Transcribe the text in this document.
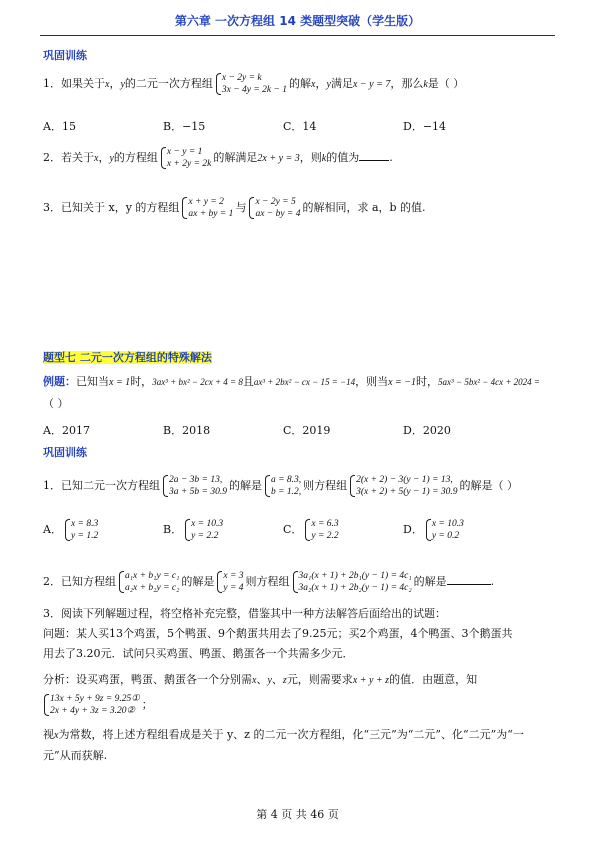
第六章 一次方程组 14 类题型突破（学生版）
巩固训练
1．如果关于x，y的二元一次方程组 x − 2y = k
3x − 4y = 2k − 1 的解x，y满足x − y = 7，那么k是（ ）
A．15	B．−15	C．14	D．−14
2．若关于x，y的方程组 x − y = 1
x + 2y = 2k 的解满足2x + y = 3，则k的值为	.
3．已知关于 x，y 的方程组 x + y = 2
ax + by = 1 与 x − 2y = 5
ax − by = 4 的解相同，求 a，b 的值.
题型七 二元一次方程组的特殊解法
例题：已知当x = 1时，3ax³ + bx² − 2cx + 4 = 8且ax³ + 2bx² − cx − 15 = −14，则当x = −1时，5ax³ − 5bx² − 4cx + 2024 =
（ ）
A．2017	B．2018	C．2019	D．2020
巩固训练
1．已知二元一次方程组 2a − 3b = 13,
3a + 5b = 30.9 的解是 a = 8.3,
b = 1.2, 则方程组 2(x + 2) − 3(y − 1) = 13,
3(x + 2) + 5(y − 1) = 30.9 的解是（ ）
A． x = 8.3
y = 1.2	B． x = 10.3
y = 2.2	C． x = 6.3
y = 2.2	D． x = 10.3
y = 0.2
2．已知方程组 a₁x + b₁y = c₁
a₂x + b₂y = c₂ 的解是 x = 3
y = 4 则方程组 3a₁(x + 1) + 2b₁(y − 1) = 4c₁
3a₂(x + 1) + 2b₂(y − 1) = 4c₂ 的解是	.
3．阅读下列解题过程，将空格补充完整，借鉴其中一种方法解答后面给出的试题：
问题：某人买13个鸡蛋，5个鸭蛋、9个鹅蛋共用去了9.25元；买2个鸡蛋，4个鸭蛋、3个鹅蛋共
用去了3.20元．试问只买鸡蛋、鸭蛋、鹅蛋各一个共需多少元．
分析：设买鸡蛋，鸭蛋、鹅蛋各一个分别需x、y、z元，则需要求x + y + z的值．由题意，知
13x + 5y + 9z = 9.25①
2x + 4y + 3z = 3.20② ；
视x为常数，将上述方程组看成是关于 y、z 的二元一次方程组，化“三元”为“二元”、化“二元”为“一
元”从而获解.
第 4 页 共 46 页
